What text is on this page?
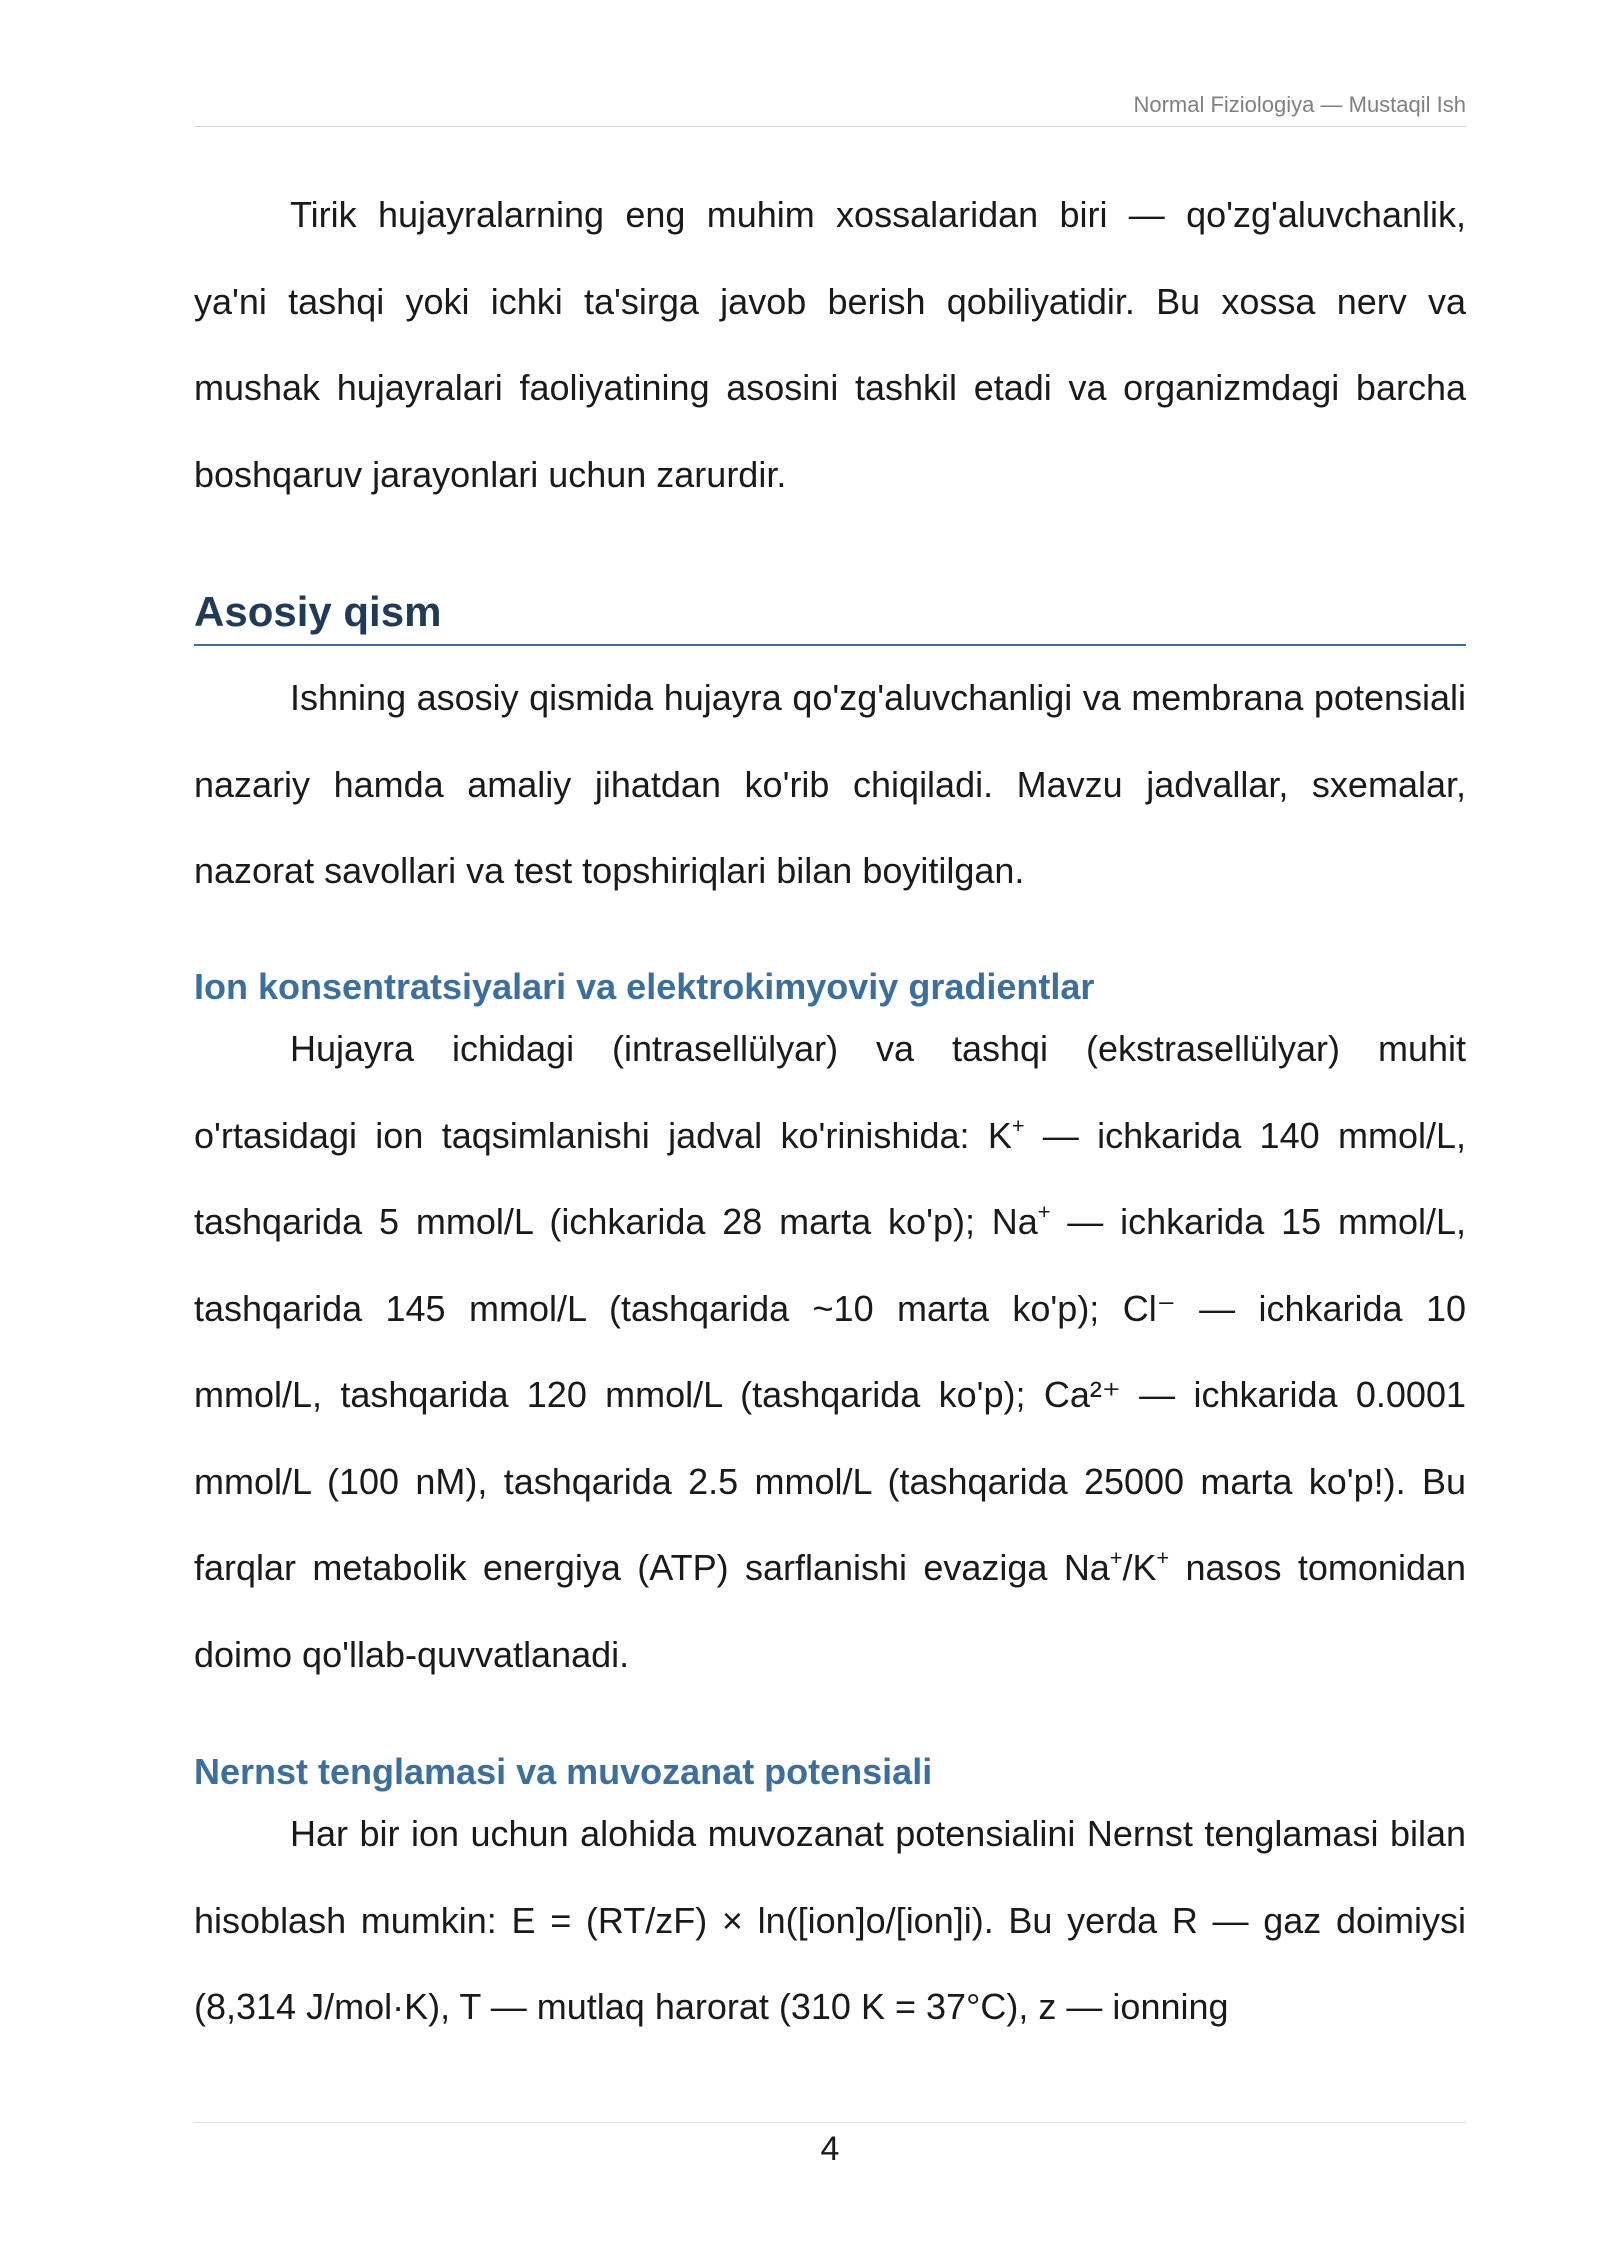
Normal Fiziologiya — Mustaqil Ish

Tirik hujayralarning eng muhim xossalaridan biri — qo'zg'aluvchanlik, ya'ni tashqi yoki ichki ta'sirga javob berish qobiliyatidir. Bu xossa nerv va mushak hujayralari faoliyatining asosini tashkil etadi va organizmdagi barcha boshqaruv jarayonlari uchun zarurdir.

Asosiy qism

Ishning asosiy qismida hujayra qo'zg'aluvchanligi va membrana potensiali nazariy hamda amaliy jihatdan ko'rib chiqiladi. Mavzu jadvallar, sxemalar, nazorat savollari va test topshiriqlari bilan boyitilgan.

Ion konsentratsiyalari va elektrokimyoviy gradientlar

Hujayra ichidagi (intrasellülyar) va tashqi (ekstrasellülyar) muhit o'rtasidagi ion taqsimlanishi jadval ko'rinishida: K+ — ichkarida 140 mmol/L, tashqarida 5 mmol/L (ichkarida 28 marta ko'p); Na+ — ichkarida 15 mmol/L, tashqarida 145 mmol/L (tashqarida ~10 marta ko'p); Cl⁻ — ichkarida 10 mmol/L, tashqarida 120 mmol/L (tashqarida ko'p); Ca²⁺ — ichkarida 0.0001 mmol/L (100 nM), tashqarida 2.5 mmol/L (tashqarida 25000 marta ko'p!). Bu farqlar metabolik energiya (ATP) sarflanishi evaziga Na+/K+ nasos tomonidan doimo qo'llab-quvvatlanadi.

Nernst tenglamasi va muvozanat potensiali

Har bir ion uchun alohida muvozanat potensialini Nernst tenglamasi bilan hisoblash mumkin: E = (RT/zF) × ln([ion]o/[ion]i). Bu yerda R — gaz doimiysi (8,314 J/mol·K), T — mutlaq harorat (310 K = 37°C), z — ionning

4
